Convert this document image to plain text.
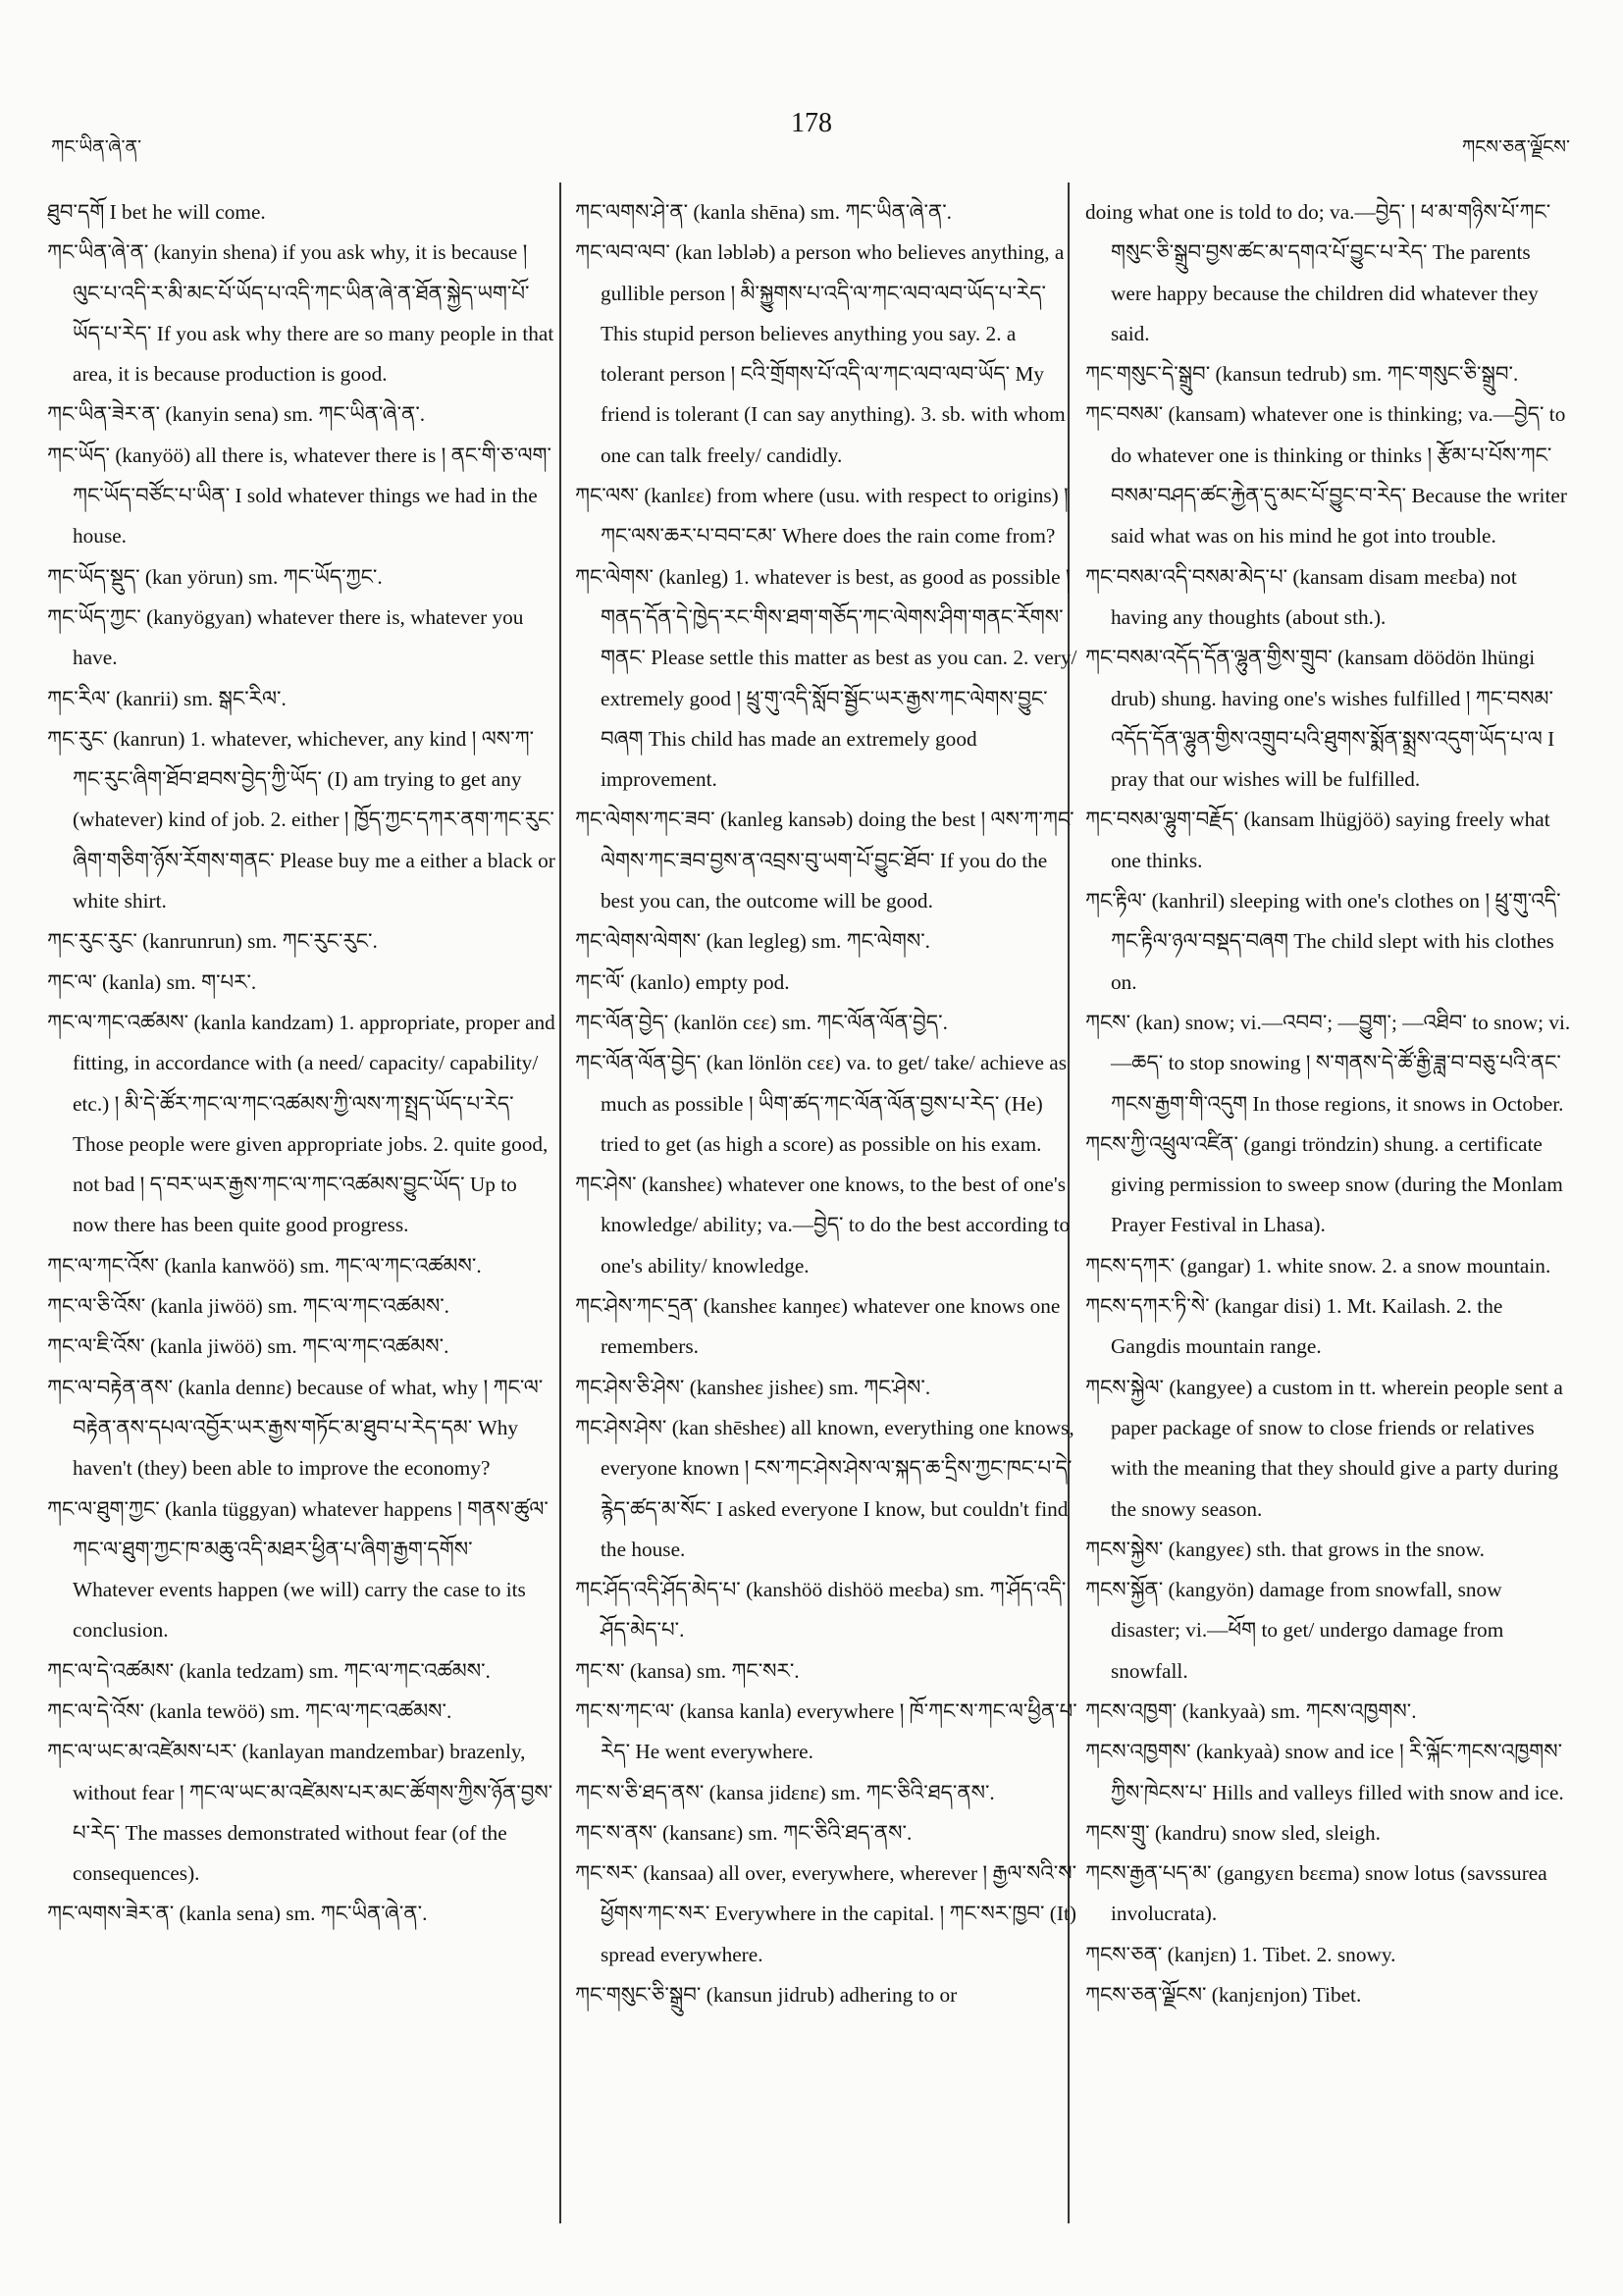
ཀང་ཡིན་ཞེ་ན་
178
ཀངས་ཅན་ལྗོངས་

ཐུབ་དགོ I bet he will come.

ཀང་ཡིན་ཞེ་ན་ (kanyin shena) if you ask why, it is because ། ལུང་པ་འདི་ར་མི་མང་པོ་ཡོད་པ་འདི་ཀང་ཡིན་ཞེ་ན་ཐོན་སྐྱེད་ཡག་པོ་ཡོད་པ་རེད་ If you ask why there are so many people in that area, it is because production is good.

ཀང་ཡིན་ཟེར་ན་ (kanyin sena) sm. ཀང་ཡིན་ཞེ་ན་.

ཀང་ཡོད་ (kanyöö) all there is, whatever there is ། ནང་གི་ཅ་ལག་ཀང་ཡོད་བཙོང་པ་ཡིན་ I sold whatever things we had in the house.

ཀང་ཡོད་སྡུད་ (kan yörun) sm. ཀང་ཡོད་ཀྱང་.

ཀང་ཡོད་ཀྱང་ (kanyögyan) whatever there is, whatever you have.

ཀང་རིལ་ (kanrii) sm. སྒང་རིལ་.

ཀང་རུང་ (kanrun) 1. whatever, whichever, any kind ། ལས་ཀ་ཀང་རུང་ཞིག་ཐོབ་ཐབས་བྱེད་ཀྱི་ཡོད་ (I) am trying to get any (whatever) kind of job. 2. either ། ཁྱོད་ཀྱང་དཀར་ནག་ཀང་རུང་ཞིག་གཅིག་ཉོས་རོགས་གནང་ Please buy me a either a black or white shirt.

ཀང་རུང་རུང་ (kanrunrun) sm. ཀང་རུང་རུང་.

ཀང་ལ་ (kanla) sm. ག་པར་.

ཀང་ལ་ཀང་འཚམས་ (kanla kandzam) 1. appropriate, proper and fitting, in accordance with (a need/ capacity/ capability/ etc.) ། མི་དེ་ཚོར་ཀང་ལ་ཀང་འཚམས་ཀྱི་ལས་ཀ་སྤྲད་ཡོད་པ་རེད་ Those people were given appropriate jobs. 2. quite good, not bad ། ད་བར་ཡར་རྒྱས་ཀང་ལ་ཀང་འཚམས་བྱུང་ཡོད་ Up to now there has been quite good progress.

ཀང་ལ་ཀང་འོས་ (kanla kanwöö) sm. ཀང་ལ་ཀང་འཚམས་.

ཀང་ལ་ཅི་འོས་ (kanla jiwöö) sm. ཀང་ལ་ཀང་འཚམས་.

ཀང་ལ་ཇི་འོས་ (kanla jiwöö) sm. ཀང་ལ་ཀང་འཚམས་.

ཀང་ལ་བརྟེན་ནས་ (kanla dennɛ) because of what, why ། ཀང་ལ་བརྟེན་ནས་དཔལ་འབྱོར་ཡར་རྒྱས་གཏོང་མ་ཐུབ་པ་རེད་དམ་ Why haven't (they) been able to improve the economy?

ཀང་ལ་ཐུག་ཀྱང་ (kanla tüggyan) whatever happens ། གནས་ཚུལ་ཀང་ལ་ཐུག་ཀྱང་ཁ་མཆུ་འདི་མཐར་ཕྱིན་པ་ཞིག་རྒྱག་དགོས་ Whatever events happen (we will) carry the case to its conclusion.

ཀང་ལ་དེ་འཚམས་ (kanla tedzam) sm. ཀང་ལ་ཀང་འཚམས་.

ཀང་ལ་དེ་འོས་ (kanla tewöö) sm. ཀང་ལ་ཀང་འཚམས་.

ཀང་ལ་ཡང་མ་འཛེམས་པར་ (kanlayan mandzembar) brazenly, without fear ། ཀང་ལ་ཡང་མ་འཛེམས་པར་མང་ཚོགས་ཀྱིས་ཉོན་བྱས་པ་རེད་ The masses demonstrated without fear (of the consequences).

ཀང་ལགས་ཟེར་ན་ (kanla sena) sm. ཀང་ཡིན་ཞེ་ན་.

ཀང་ལགས་ཤེ་ན་ (kanla shēna) sm. ཀང་ཡིན་ཞེ་ན་.

ཀང་ལབ་ལབ་ (kan lәblәb) a person who believes anything, a gullible person ། མི་སྐྱུགས་པ་འདི་ལ་ཀང་ལབ་ལབ་ཡོད་པ་རེད་ This stupid person believes anything you say. 2. a tolerant person ། ངའི་གྲོགས་པོ་འདི་ལ་ཀང་ལབ་ལབ་ཡོད་ My friend is tolerant (I can say anything). 3. sb. with whom one can talk freely/ candidly.

ཀང་ལས་ (kanlɛɛ) from where (usu. with respect to origins) ། ཀང་ལས་ཆར་པ་བབ་ངམ་ Where does the rain come from?

ཀང་ལེགས་ (kanleg) 1. whatever is best, as good as possible ། གནད་དོན་དེ་ཁྱེད་རང་གིས་ཐག་གཅོད་ཀང་ལེགས་ཤིག་གནང་རོགས་གནང་ Please settle this matter as best as you can. 2. very/ extremely good ། ཕྲུ་གུ་འདི་སློབ་སྦྱོང་ཡར་རྒྱས་ཀང་ལེགས་བྱུང་བཞག This child has made an extremely good improvement.

ཀང་ལེགས་ཀང་ཟབ་ (kanleg kansәb) doing the best ། ལས་ཀ་ཀང་ལེགས་ཀང་ཟབ་བྱས་ན་འབྲས་བུ་ཡག་པོ་བྱུང་ཐོབ་ If you do the best you can, the outcome will be good.

ཀང་ལེགས་ལེགས་ (kan legleg) sm. ཀང་ལེགས་.

ཀང་ལོ་ (kanlo) empty pod.

ཀང་ལོན་བྱེད་ (kanlön cɛɛ) sm. ཀང་ལོན་ལོན་བྱེད་.

ཀང་ལོན་ལོན་བྱེད་ (kan lönlön cɛɛ) va. to get/ take/ achieve as much as possible ། ཡིག་ཚད་ཀང་ལོན་ལོན་བྱས་པ་རེད་ (He) tried to get (as high a score) as possible on his exam.

ཀང་ཤེས་ (kansheɛ) whatever one knows, to the best of one's knowledge/ ability; va.—བྱེད་ to do the best according to one's ability/ knowledge.

ཀང་ཤེས་ཀང་དྲན་ (kansheɛ kanŋeɛ) whatever one knows one remembers.

ཀང་ཤེས་ཅི་ཤེས་ (kansheɛ jisheɛ) sm. ཀང་ཤེས་.

ཀང་ཤེས་ཤེས་ (kan shēsheɛ) all known, everything one knows, everyone known ། ངས་ཀང་ཤེས་ཤེས་ལ་སྐད་ཆ་དྲིས་ཀྱང་ཁང་པ་དེ་རྙེད་ཚད་མ་སོང་ I asked everyone I know, but couldn't find the house.

ཀང་ཤོད་འདི་ཤོད་མེད་པ་ (kanshöö dishöö meɛba) sm. ཀ་ཤོད་འདི་ཤོད་མེད་པ་.

ཀང་ས་ (kansa) sm. ཀང་སར་.

ཀང་ས་ཀང་ལ་ (kansa kanla) everywhere ། ཁོ་ཀང་ས་ཀང་ལ་ཕྱིན་པ་རེད་ He went everywhere.

ཀང་ས་ཅི་ཐད་ནས་ (kansa jidɛnɛ) sm. ཀང་ཅིའི་ཐད་ནས་.

ཀང་ས་ནས་ (kansanɛ) sm. ཀང་ཅིའི་ཐད་ནས་.

ཀང་སར་ (kansaa) all over, everywhere, wherever ། རྒྱལ་སའི་ས་ཕྱོགས་ཀང་སར་ Everywhere in the capital. ། ཀང་སར་ཁྱབ་ (It) spread everywhere.

ཀང་གསུང་ཅི་སྒྲུབ་ (kansun jidrub) adhering to or

doing what one is told to do; va.—བྱེད་ ། ཕ་མ་གཉིས་པོ་ཀང་གསུང་ཅི་སྒྲུབ་བྱས་ཚང་མ་དགའ་པོ་བྱུང་པ་རེད་ The parents were happy because the children did whatever they said.

ཀང་གསུང་དེ་སྒྲུབ་ (kansun tedrub) sm. ཀང་གསུང་ཅི་སྒྲུབ་.

ཀང་བསམ་ (kansam) whatever one is thinking; va.—བྱེད་ to do whatever one is thinking or thinks ། རྩོམ་པ་པོས་ཀང་བསམ་བཤད་ཚང་རྐྱེན་དུ་མང་པོ་བྱུང་བ་རེད་ Because the writer said what was on his mind he got into trouble.

ཀང་བསམ་འདི་བསམ་མེད་པ་ (kansam disam meɛba) not having any thoughts (about sth.).

ཀང་བསམ་འདོད་དོན་ལྷུན་གྱིས་གྲུབ་ (kansam döödön lhüngi drub) shung. having one's wishes fulfilled ། ཀང་བསམ་འདོད་དོན་ལྷུན་གྱིས་འགྲུབ་པའི་ཐུགས་སྨོན་སྨྲས་འདུག་ཡོད་པ་ལ I pray that our wishes will be fulfilled.

ཀང་བསམ་ལྷུག་བརྗོད་ (kansam lhügjöö) saying freely what one thinks.

ཀང་རྟིལ་ (kanhril) sleeping with one's clothes on ། ཕྲུ་གུ་འདི་ཀང་རྟིལ་ཉལ་བསྡད་བཞག The child slept with his clothes on.

ཀངས་ (kan) snow; vi.—འབབ་; —བྱུག་; —འཐིབ་ to snow; vi.—ཆད་ to stop snowing ། ས་གནས་དེ་ཚོ་རྒྱི་ཟླ་བ་བཅུ་པའི་ནང་ཀངས་རྒྱག་གི་འདུག In those regions, it snows in October.

ཀངས་ཀྱི་འཕྲུལ་འཛིན་ (gangi tröndzin) shung. a certificate giving permission to sweep snow (during the Monlam Prayer Festival in Lhasa).

ཀངས་དཀར་ (gangar) 1. white snow. 2. a snow mountain.

ཀངས་དཀར་ཏི་སེ་ (kangar disi) 1. Mt. Kailash. 2. the Gangdis mountain range.

ཀངས་སྐྱེལ་ (kangyee) a custom in tt. wherein people sent a paper package of snow to close friends or relatives with the meaning that they should give a party during the snowy season.

ཀངས་སྐྱེས་ (kangyeɛ) sth. that grows in the snow.

ཀངས་སྐྱོན་ (kangyön) damage from snowfall, snow disaster; vi.—ཕོག to get/ undergo damage from snowfall.

ཀངས་འཁྱག་ (kankyaà) sm. ཀངས་འཁྱགས་.

ཀངས་འཁྱགས་ (kankyaà) snow and ice ། རི་ལྐོང་ཀངས་འཁྱགས་ཀྱིས་ཁེངས་པ་ Hills and valleys filled with snow and ice.

ཀངས་གྲུ་ (kandru) snow sled, sleigh.

ཀངས་རྒྱན་པད་མ་ (gangyɛn bɛɛma) snow lotus (savssurea involucrata).

ཀངས་ཅན་ (kanjɛn) 1. Tibet. 2. snowy.

ཀངས་ཅན་ལྗོངས་ (kanjɛnjon) Tibet.
